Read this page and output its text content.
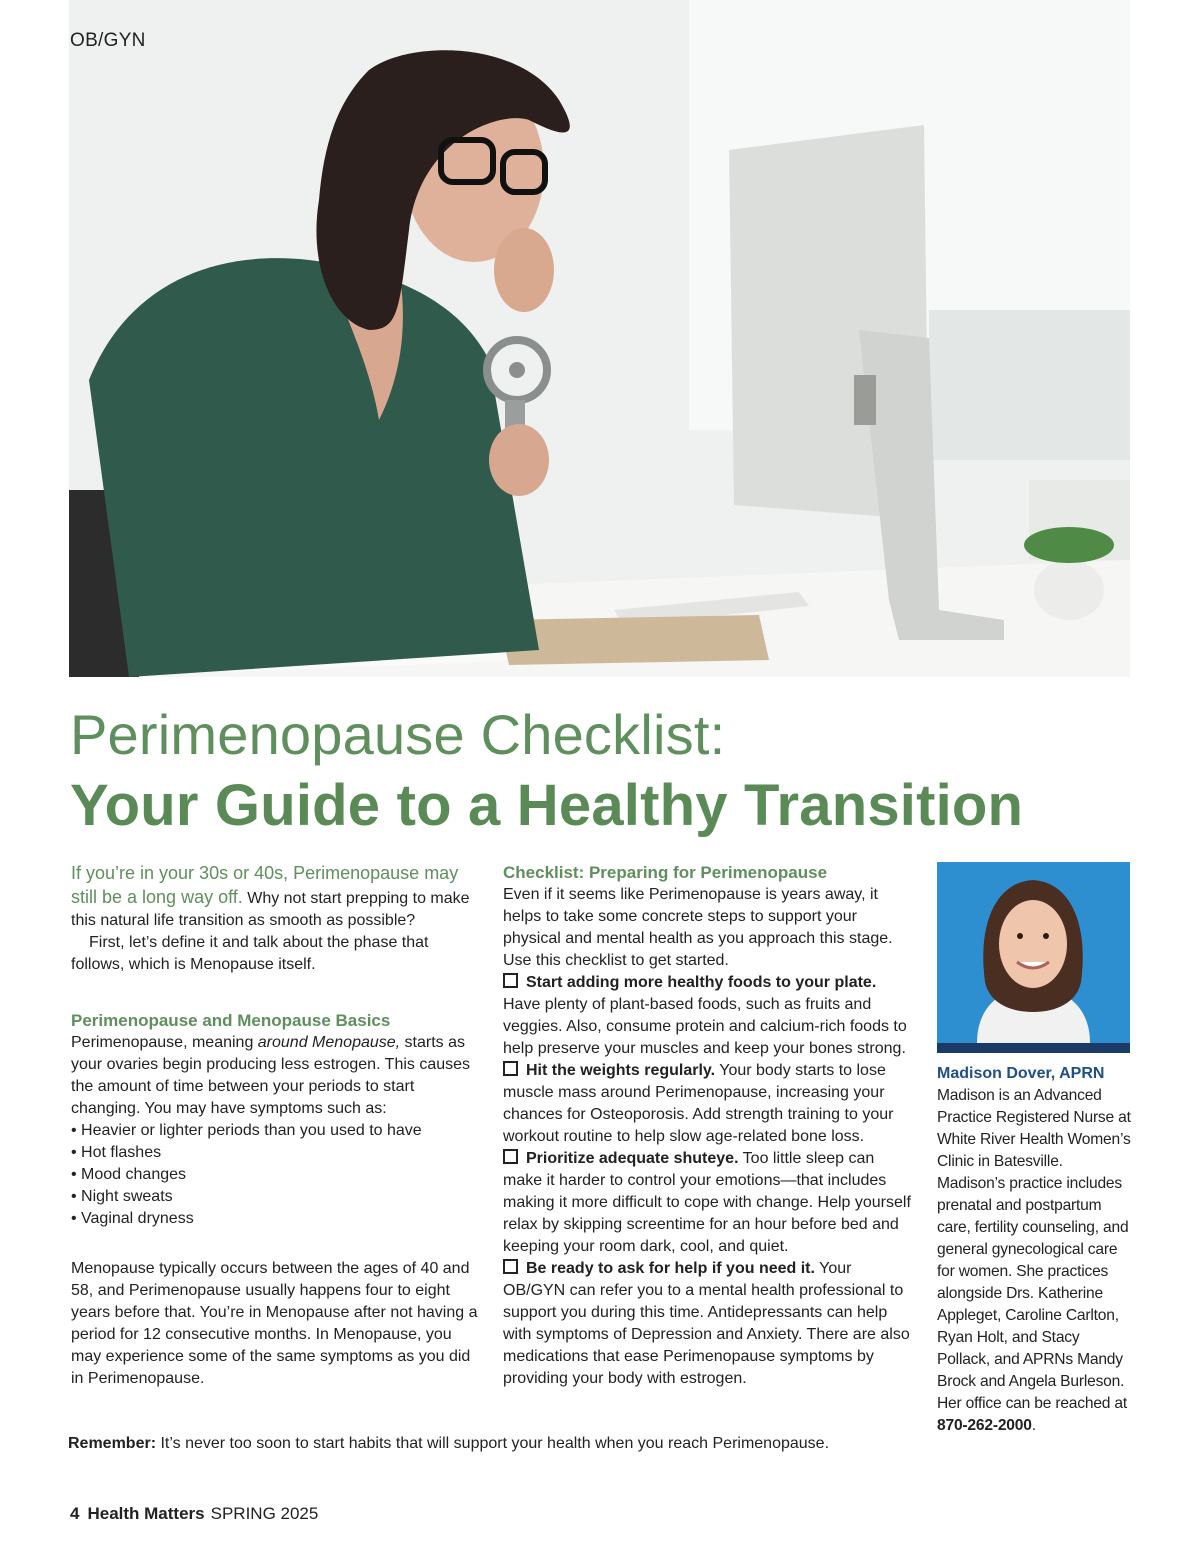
OB/GYN
Perimenopause Checklist:
Your Guide to a Healthy Transition

If you’re in your 30s or 40s, Perimenopause may still be a long way off. Why not start prepping to make this natural life transition as smooth as possible?

First, let’s define it and talk about the phase that follows, which is Menopause itself.

Perimenopause and Menopause Basics

Perimenopause, meaning around Menopause, starts as your ovaries begin producing less estrogen. This causes the amount of time between your periods to start changing. You may have symptoms such as:

• Heavier or lighter periods than you used to have
• Hot flashes
• Mood changes
• Night sweats
• Vaginal dryness

Menopause typically occurs between the ages of 40 and 58, and Perimenopause usually happens four to eight years before that. You’re in Menopause after not having a period for 12 consecutive months. In Menopause, you may experience some of the same symptoms as you did in Perimenopause.

Checklist: Preparing for Perimenopause

Even if it seems like Perimenopause is years away, it helps to take some concrete steps to support your physical and mental health as you approach this stage. Use this checklist to get started.

Start adding more healthy foods to your plate. Have plenty of plant-based foods, such as fruits and veggies. Also, consume protein and calcium-rich foods to help preserve your muscles and keep your bones strong.

Hit the weights regularly. Your body starts to lose muscle mass around Perimenopause, increasing your chances for Osteoporosis. Add strength training to your workout routine to help slow age-related bone loss.

Prioritize adequate shuteye. Too little sleep can make it harder to control your emotions—that includes making it more difficult to cope with change. Help yourself relax by skipping screentime for an hour before bed and keeping your room dark, cool, and quiet.

Be ready to ask for help if you need it. Your OB/GYN can refer you to a mental health professional to support you during this time. Antidepressants can help with symptoms of Depression and Anxiety. There are also medications that ease Perimenopause symptoms by providing your body with estrogen.

Madison Dover, APRN

Madison is an Advanced Practice Registered Nurse at White River Health Women’s Clinic in Batesville. Madison’s practice includes prenatal and postpartum care, fertility counseling, and general gynecological care for women. She practices alongside Drs. Katherine Appleget, Caroline Carlton, Ryan Holt, and Stacy Pollack, and APRNs Mandy Brock and Angela Burleson. Her office can be reached at 870-262-2000.

Remember: It’s never too soon to start habits that will support your health when you reach Perimenopause.
4 Health Matters SPRING 2025
